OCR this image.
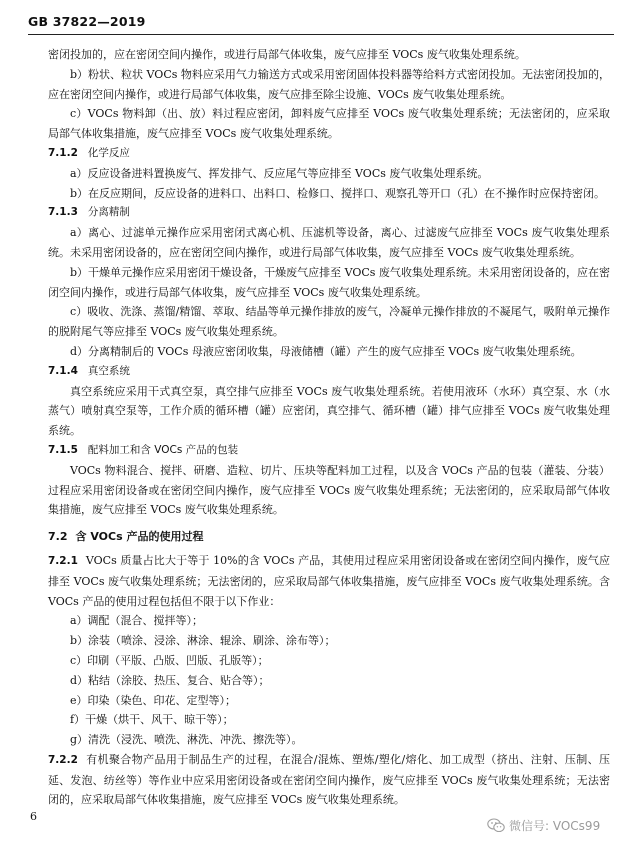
GB 37822—2019

密闭投加的，应在密闭空间内操作，或进行局部气体收集，废气应排至 VOCs 废气收集处理系统。

b）粉状、粒状 VOCs 物料应采用气力输送方式或采用密闭固体投料器等给料方式密闭投加。无法密闭投加的，应在密闭空间内操作，或进行局部气体收集，废气应排至除尘设施、VOCs 废气收集处理系统。

c）VOCs 物料卸（出、放）料过程应密闭，卸料废气应排至 VOCs 废气收集处理系统；无法密闭的，应采取局部气体收集措施，废气应排至 VOCs 废气收集处理系统。

7.1.2 化学反应

a）反应设备进料置换废气、挥发排气、反应尾气等应排至 VOCs 废气收集处理系统。

b）在反应期间，反应设备的进料口、出料口、检修口、搅拌口、观察孔等开口（孔）在不操作时应保持密闭。

7.1.3 分离精制

a）离心、过滤单元操作应采用密闭式离心机、压滤机等设备，离心、过滤废气应排至 VOCs 废气收集处理系统。未采用密闭设备的，应在密闭空间内操作，或进行局部气体收集，废气应排至 VOCs 废气收集处理系统。

b）干燥单元操作应采用密闭干燥设备，干燥废气应排至 VOCs 废气收集处理系统。未采用密闭设备的，应在密闭空间内操作，或进行局部气体收集，废气应排至 VOCs 废气收集处理系统。

c）吸收、洗涤、蒸馏/精馏、萃取、结晶等单元操作排放的废气，冷凝单元操作排放的不凝尾气，吸附单元操作的脱附尾气等应排至 VOCs 废气收集处理系统。

d）分离精制后的 VOCs 母液应密闭收集，母液储槽（罐）产生的废气应排至 VOCs 废气收集处理系统。

7.1.4 真空系统

真空系统应采用干式真空泵，真空排气应排至 VOCs 废气收集处理系统。若使用液环（水环）真空泵、水（水蒸气）喷射真空泵等，工作介质的循环槽（罐）应密闭，真空排气、循环槽（罐）排气应排至 VOCs 废气收集处理系统。

7.1.5 配料加工和含 VOCs 产品的包装

VOCs 物料混合、搅拌、研磨、造粒、切片、压块等配料加工过程，以及含 VOCs 产品的包装（灌装、分装）过程应采用密闭设备或在密闭空间内操作，废气应排至 VOCs 废气收集处理系统；无法密闭的，应采取局部气体收集措施，废气应排至 VOCs 废气收集处理系统。

7.2 含 VOCs 产品的使用过程

7.2.1 VOCs 质量占比大于等于 10%的含 VOCs 产品，其使用过程应采用密闭设备或在密闭空间内操作，废气应排至 VOCs 废气收集处理系统；无法密闭的，应采取局部气体收集措施，废气应排至 VOCs 废气收集处理系统。含 VOCs 产品的使用过程包括但不限于以下作业：

a）调配（混合、搅拌等）；

b）涂装（喷涂、浸涂、淋涂、辊涂、刷涂、涂布等）；

c）印刷（平版、凸版、凹版、孔版等）；

d）粘结（涂胶、热压、复合、贴合等）；

e）印染（染色、印花、定型等）；

f）干燥（烘干、风干、晾干等）；

g）清洗（浸洗、喷洗、淋洗、冲洗、擦洗等）。

7.2.2 有机聚合物产品用于制品生产的过程，在混合/混炼、塑炼/塑化/熔化、加工成型（挤出、注射、压制、压延、发泡、纺丝等）等作业中应采用密闭设备或在密闭空间内操作，废气应排至 VOCs 废气收集处理系统；无法密闭的，应采取局部气体收集措施，废气应排至 VOCs 废气收集处理系统。

6
微信号: VOCs99
